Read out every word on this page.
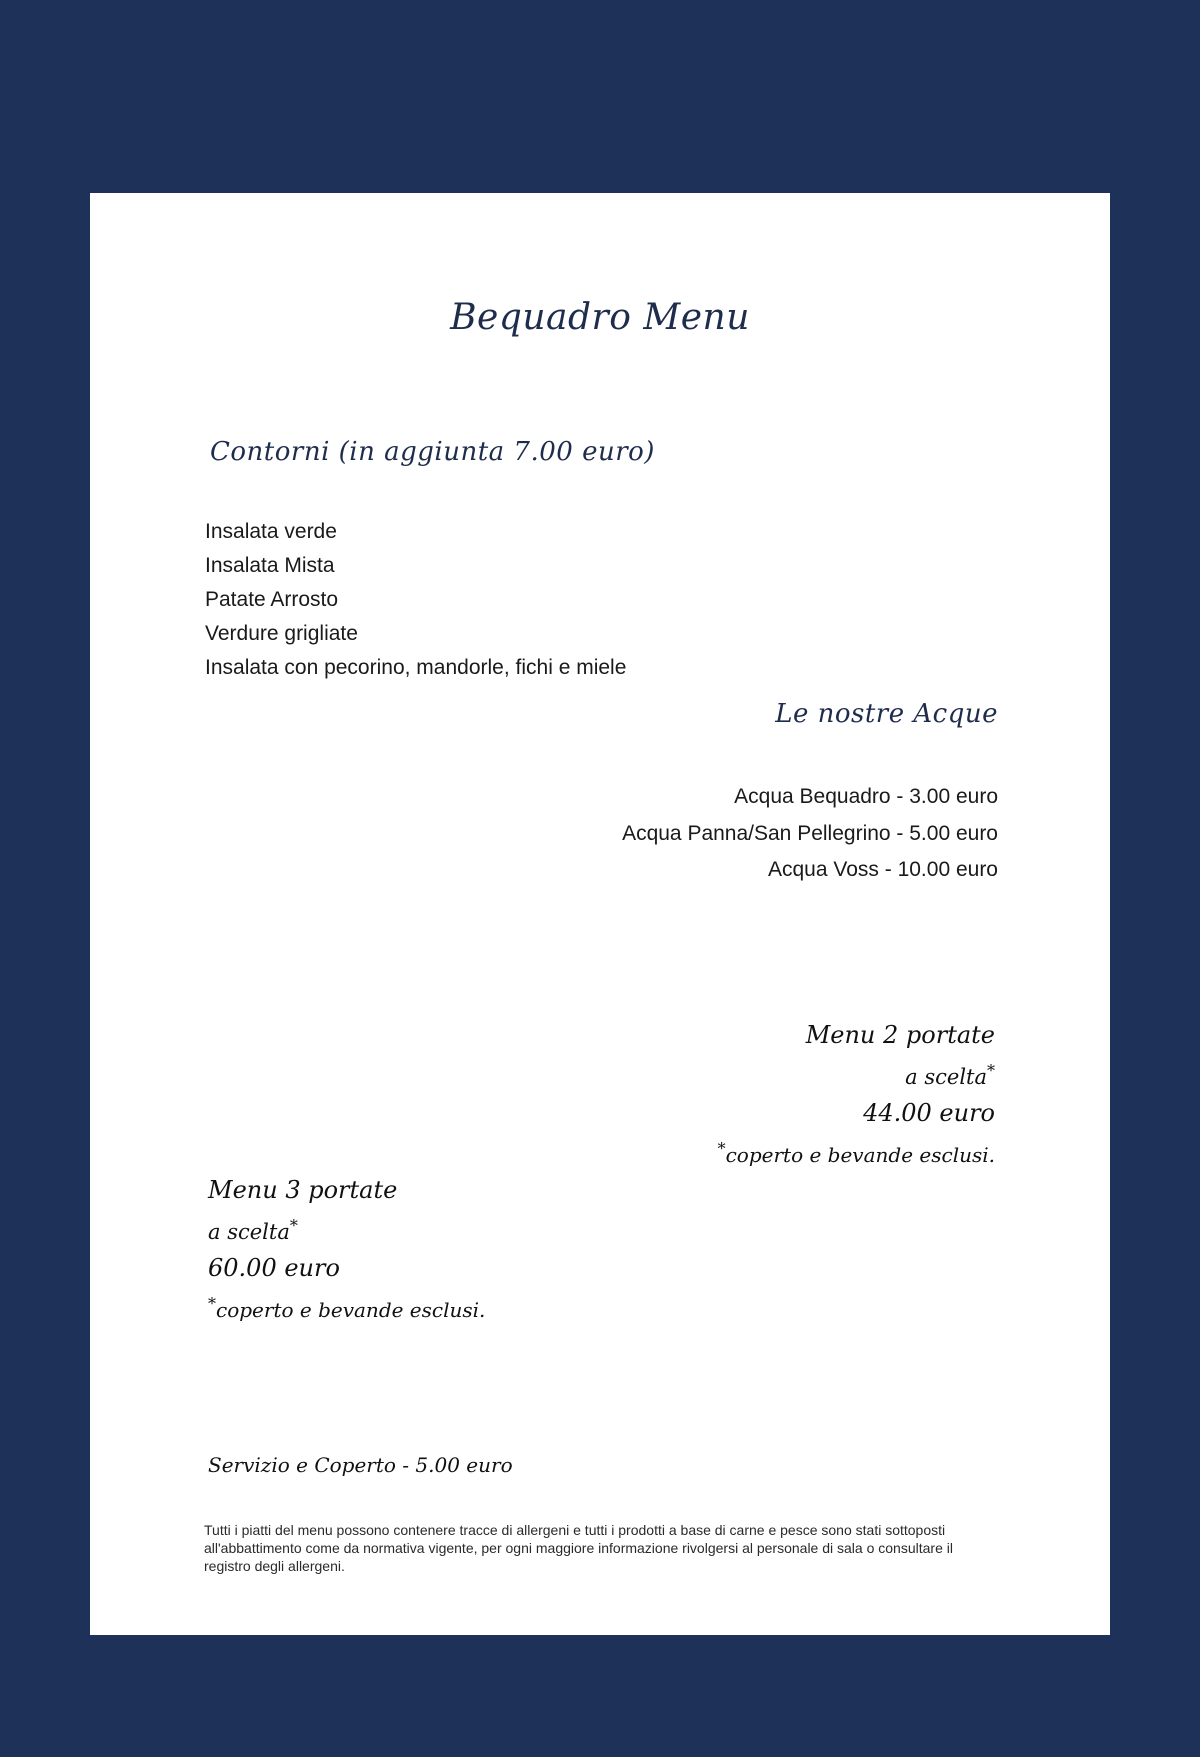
Bequadro Menu
Contorni (in aggiunta 7.00 euro)
Insalata verde
Insalata Mista
Patate Arrosto
Verdure grigliate
Insalata con pecorino, mandorle, fichi e miele
Le nostre Acque
Acqua Bequadro - 3.00 euro
Acqua Panna/San Pellegrino - 5.00 euro
Acqua Voss - 10.00 euro
Menu 2 portate
a scelta*
44.00 euro
*coperto e bevande esclusi.
Menu 3 portate
a scelta*
60.00 euro
*coperto e bevande esclusi.
Servizio e Coperto - 5.00 euro
Tutti i piatti del menu possono contenere tracce di allergeni e tutti i prodotti a base di carne e pesce sono stati sottoposti all'abbattimento come da normativa vigente, per ogni maggiore informazione rivolgersi al personale di sala o consultare il registro degli allergeni.
